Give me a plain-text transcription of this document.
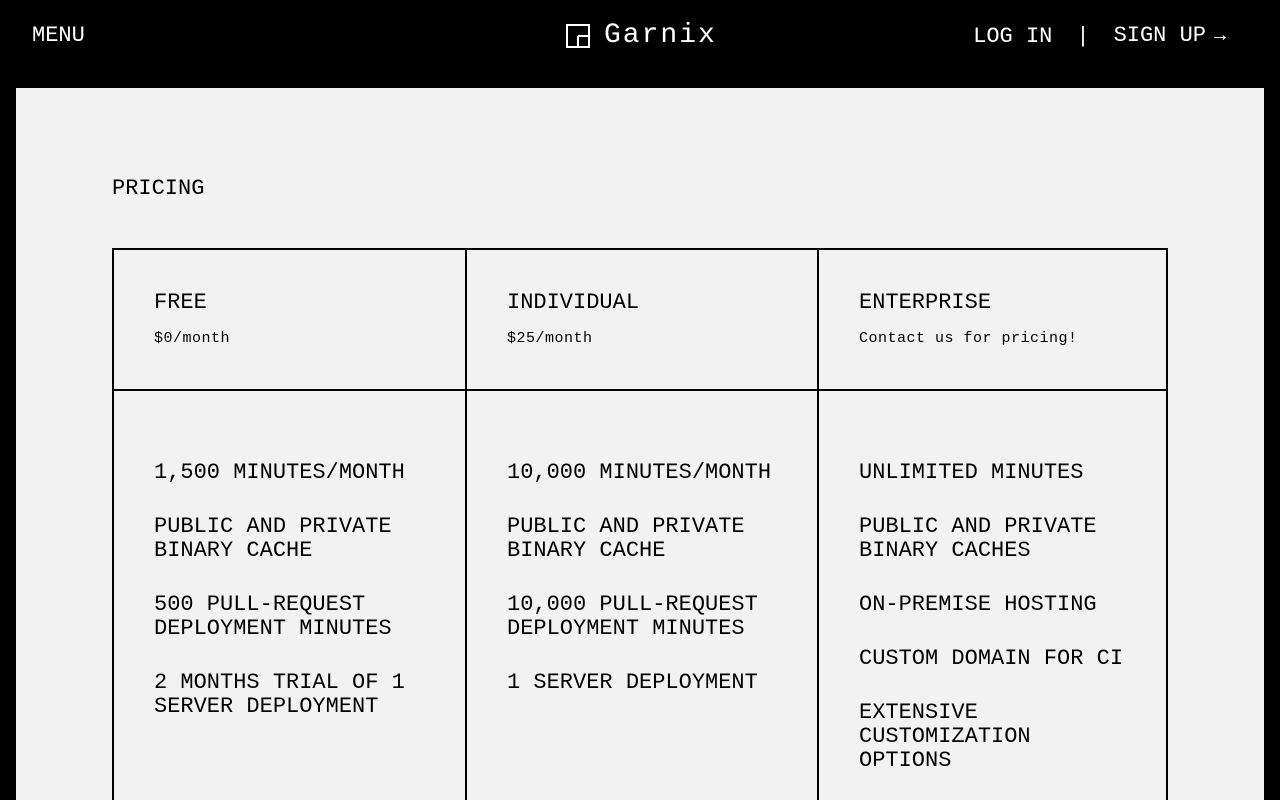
MENU	Garnix	LOG IN | SIGN UP →
PRICING
FREE
$0/month
INDIVIDUAL
$25/month
ENTERPRISE
Contact us for pricing!

1,500 MINUTES/MONTH

PUBLIC AND PRIVATE BINARY CACHE

500 PULL-REQUEST DEPLOYMENT MINUTES

2 MONTHS TRIAL OF 1 SERVER DEPLOYMENT

10,000 MINUTES/MONTH

PUBLIC AND PRIVATE BINARY CACHE

10,000 PULL-REQUEST DEPLOYMENT MINUTES

1 SERVER DEPLOYMENT

UNLIMITED MINUTES

PUBLIC AND PRIVATE BINARY CACHES

ON-PREMISE HOSTING

CUSTOM DOMAIN FOR CI

EXTENSIVE CUSTOMIZATION OPTIONS
